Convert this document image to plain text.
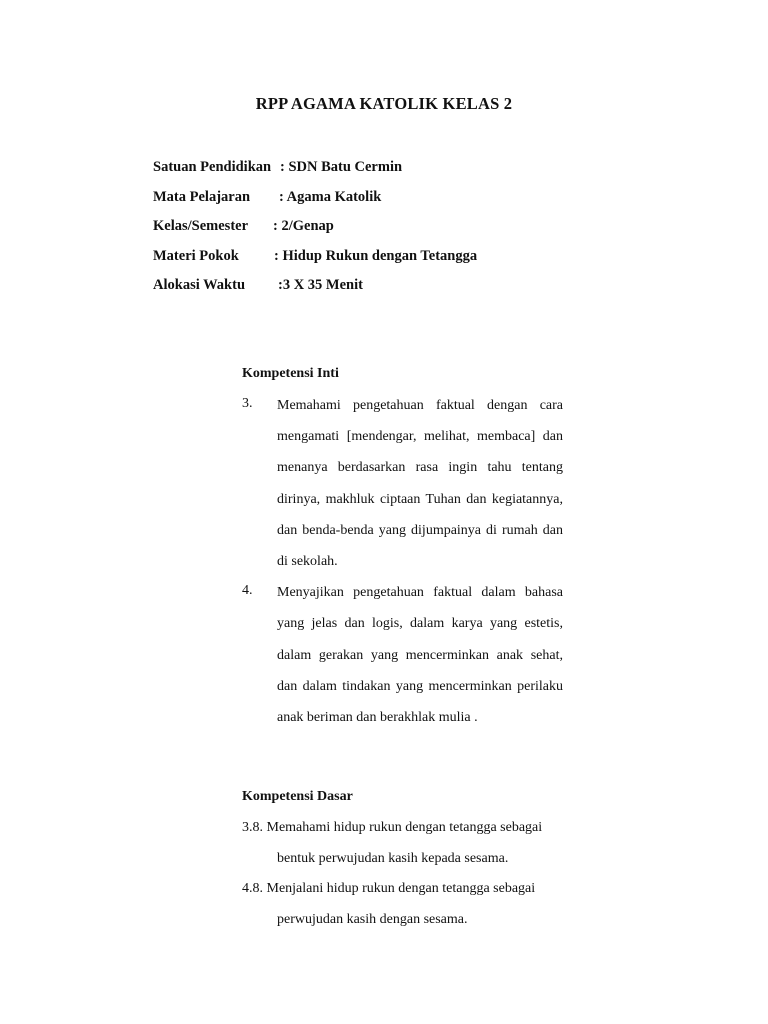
RPP AGAMA KATOLIK KELAS 2
Satuan Pendidikan : SDN Batu Cermin
Mata Pelajaran : Agama Katolik
Kelas/Semester : 2/Genap
Materi Pokok : Hidup Rukun dengan Tetangga
Alokasi Waktu :3 X 35 Menit
Kompetensi Inti
3. Memahami pengetahuan faktual dengan cara mengamati [mendengar, melihat, membaca] dan menanya berdasarkan rasa ingin tahu tentang dirinya, makhluk ciptaan Tuhan dan kegiatannya, dan benda-benda yang dijumpainya di rumah dan di sekolah.
4. Menyajikan pengetahuan faktual dalam bahasa yang jelas dan logis, dalam karya yang estetis, dalam gerakan yang mencerminkan anak sehat, dan dalam tindakan yang mencerminkan perilaku anak beriman dan berakhlak mulia .
Kompetensi Dasar
3.8. Memahami hidup rukun dengan tetangga sebagai
bentuk perwujudan kasih kepada sesama.
4.8. Menjalani hidup rukun dengan tetangga sebagai
perwujudan kasih dengan sesama.
